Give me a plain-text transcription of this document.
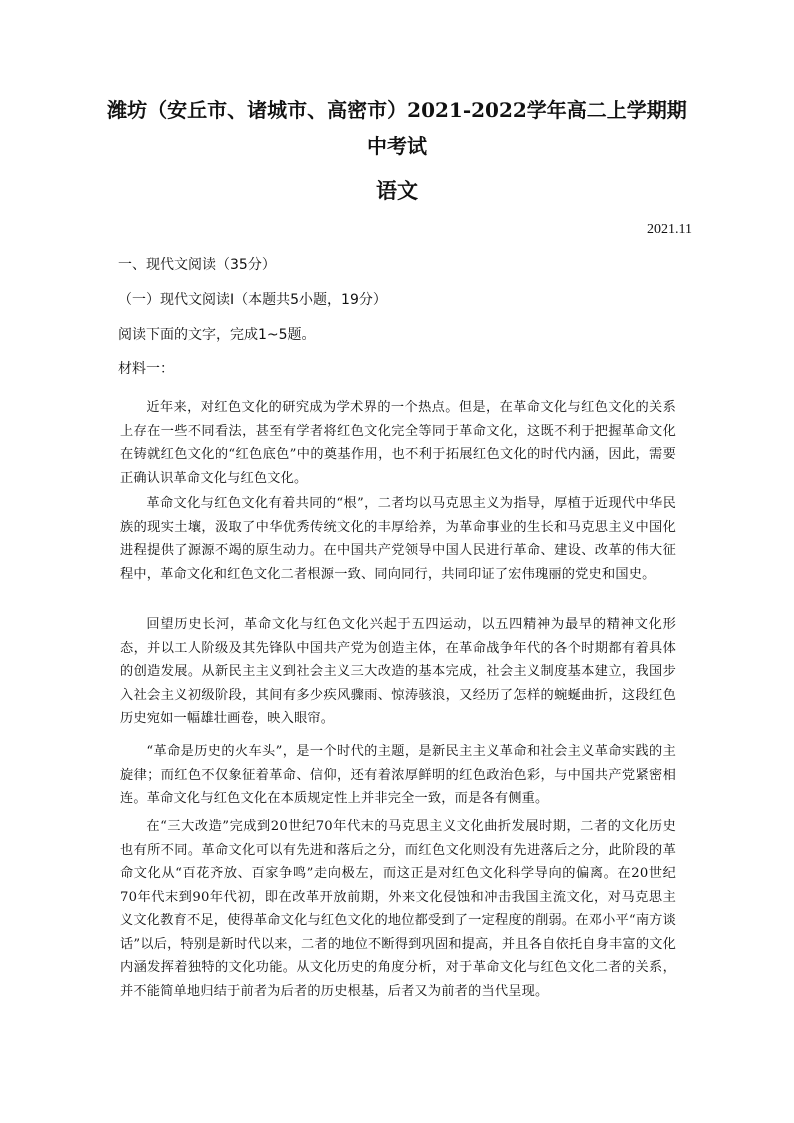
潍坊（安丘市、诸城市、高密市）2021-2022学年高二上学期期中考试
语文
2021.11

一、现代文阅读（35分）

（一）现代文阅读Ⅰ（本题共5小题，19分）

阅读下面的文字，完成1~5题。

材料一：

近年来，对红色文化的研究成为学术界的一个热点。但是，在革命文化与红色文化的关系上存在一些不同看法，甚至有学者将红色文化完全等同于革命文化，这既不利于把握革命文化在铸就红色文化的“红色底色”中的奠基作用，也不利于拓展红色文化的时代内涵，因此，需要正确认识革命文化与红色文化。

革命文化与红色文化有着共同的“根”，二者均以马克思主义为指导，厚植于近现代中华民族的现实土壤，汲取了中华优秀传统文化的丰厚给养，为革命事业的生长和马克思主义中国化进程提供了源源不竭的原生动力。在中国共产党领导中国人民进行革命、建设、改革的伟大征程中，革命文化和红色文化二者根源一致、同向同行，共同印证了宏伟瑰丽的党史和国史。

回望历史长河，革命文化与红色文化兴起于五四运动，以五四精神为最早的精神文化形态，并以工人阶级及其先锋队中国共产党为创造主体，在革命战争年代的各个时期都有着具体的创造发展。从新民主主义到社会主义三大改造的基本完成，社会主义制度基本建立，我国步入社会主义初级阶段，其间有多少疾风骤雨、惊涛骇浪，又经历了怎样的蜿蜒曲折，这段红色历史宛如一幅雄壮画卷，映入眼帘。

“革命是历史的火车头”，是一个时代的主题，是新民主主义革命和社会主义革命实践的主旋律；而红色不仅象征着革命、信仰，还有着浓厚鲜明的红色政治色彩，与中国共产党紧密相连。革命文化与红色文化在本质规定性上并非完全一致，而是各有侧重。

在“三大改造”完成到20世纪70年代末的马克思主义文化曲折发展时期，二者的文化历史也有所不同。革命文化可以有先进和落后之分，而红色文化则没有先进落后之分，此阶段的革命文化从“百花齐放、百家争鸣”走向极左，而这正是对红色文化科学导向的偏离。在20世纪70年代末到90年代初，即在改革开放前期，外来文化侵蚀和冲击我国主流文化，对马克思主义文化教育不足，使得革命文化与红色文化的地位都受到了一定程度的削弱。在邓小平“南方谈话”以后，特别是新时代以来，二者的地位不断得到巩固和提高，并且各自依托自身丰富的文化内涵发挥着独特的文化功能。从文化历史的角度分析，对于革命文化与红色文化二者的关系，并不能简单地归结于前者为后者的历史根基，后者又为前者的当代呈现。
